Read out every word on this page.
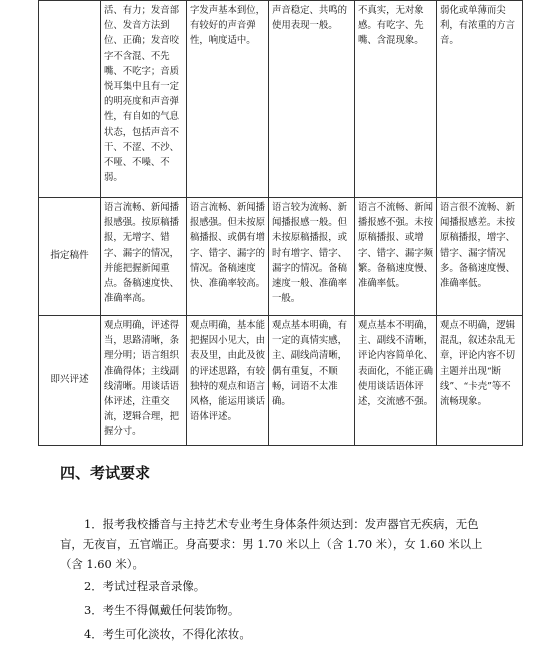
	活、有力；发音部位、发音方法到位、正确；发音咬字不含混、不先嘴、不吃字；音质悦耳集中且有一定的明亮度和声音弹性，有自如的气息状态，包括声音不干、不涩、不沙、不哑、不噪、不弱。	字发声基本到位，有较好的声音弹性，响度适中。	声音稳定、共鸣的使用表现一般。	不真实，无对象感。有吃字、先嘴、含混现象。	弱化或单薄而尖利，有浓重的方言音。
指定稿件	语言流畅、新闻播报感强。按原稿播报，无增字、错字、漏字的情况，并能把握新闻重点。备稿速度快、准确率高。	语言流畅、新闻播报感强。但未按原稿播报、或偶有增字、错字、漏字的情况。备稿速度快、准确率较高。	语言较为流畅、新闻播报感一般。但未按原稿播报，或时有增字、错字、漏字的情况。备稿速度一般、准确率一般。	语言不流畅、新闻播报感不强。未按原稿播报、或增字、错字、漏字频繁。备稿速度慢、准确率低。	语言很不流畅、新闻播报感差。未按原稿播报，增字、错字、漏字情况多。备稿速度慢、准确率低。
即兴评述	观点明确，评述得当，思路清晰，条理分明；语言组织准确得体；主线副线清晰。用谈话语体评述，注重交流，逻辑合理，把握分寸。	观点明确，基本能把握因小见大，由表及里，由此及彼的评述思路，有较独特的观点和语言风格，能运用谈话语体评述。	观点基本明确，有一定的真情实感，主、副线尚清晰，偶有重复，不顺畅，词语不太准确。	观点基本不明确，主、副线不清晰，评论内容简单化、表面化，不能正确使用谈话语体评述，交流感不强。	观点不明确，逻辑混乱，叙述杂乱无章，评论内容不切主题并出现“断线”、“卡壳”等不流畅现象。
四、考试要求

1．报考我校播音与主持艺术专业考生身体条件须达到：发声器官无疾病，无色盲，无夜盲，五官端正。身高要求：男 1.70 米以上（含 1.70 米），女 1.60 米以上（含 1.60 米）。

2．考试过程录音录像。

3．考生不得佩戴任何装饰物。

4．考生可化淡妆，不得化浓妆。
